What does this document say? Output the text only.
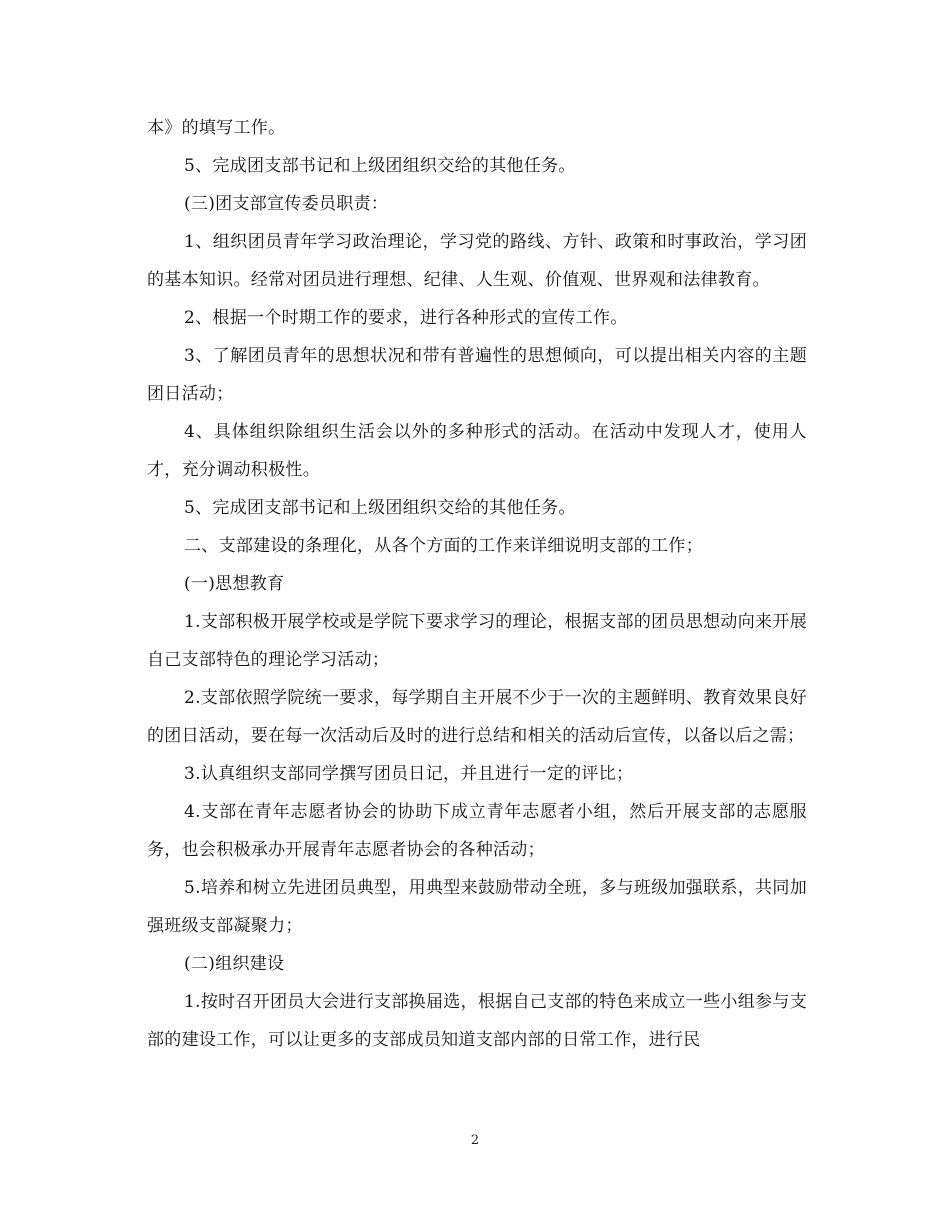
本》的填写工作。

5、完成团支部书记和上级团组织交给的其他任务。

(三)团支部宣传委员职责：

1、组织团员青年学习政治理论，学习党的路线、方针、政策和时事政治，学习团的基本知识。经常对团员进行理想、纪律、人生观、价值观、世界观和法律教育。

2、根据一个时期工作的要求，进行各种形式的宣传工作。

3、了解团员青年的思想状况和带有普遍性的思想倾向，可以提出相关内容的主题团日活动；

4、具体组织除组织生活会以外的多种形式的活动。在活动中发现人才，使用人才，充分调动积极性。

5、完成团支部书记和上级团组织交给的其他任务。

二、支部建设的条理化，从各个方面的工作来详细说明支部的工作；

(一)思想教育

1.支部积极开展学校或是学院下要求学习的理论，根据支部的团员思想动向来开展自己支部特色的理论学习活动；

2.支部依照学院统一要求，每学期自主开展不少于一次的主题鲜明、教育效果良好的团日活动，要在每一次活动后及时的进行总结和相关的活动后宣传，以备以后之需；

3.认真组织支部同学撰写团员日记，并且进行一定的评比；

4.支部在青年志愿者协会的协助下成立青年志愿者小组，然后开展支部的志愿服务，也会积极承办开展青年志愿者协会的各种活动；

5.培养和树立先进团员典型，用典型来鼓励带动全班，多与班级加强联系，共同加强班级支部凝聚力；

(二)组织建设

1.按时召开团员大会进行支部换届选，根据自己支部的特色来成立一些小组参与支部的建设工作，可以让更多的支部成员知道支部内部的日常工作，进行民

2
